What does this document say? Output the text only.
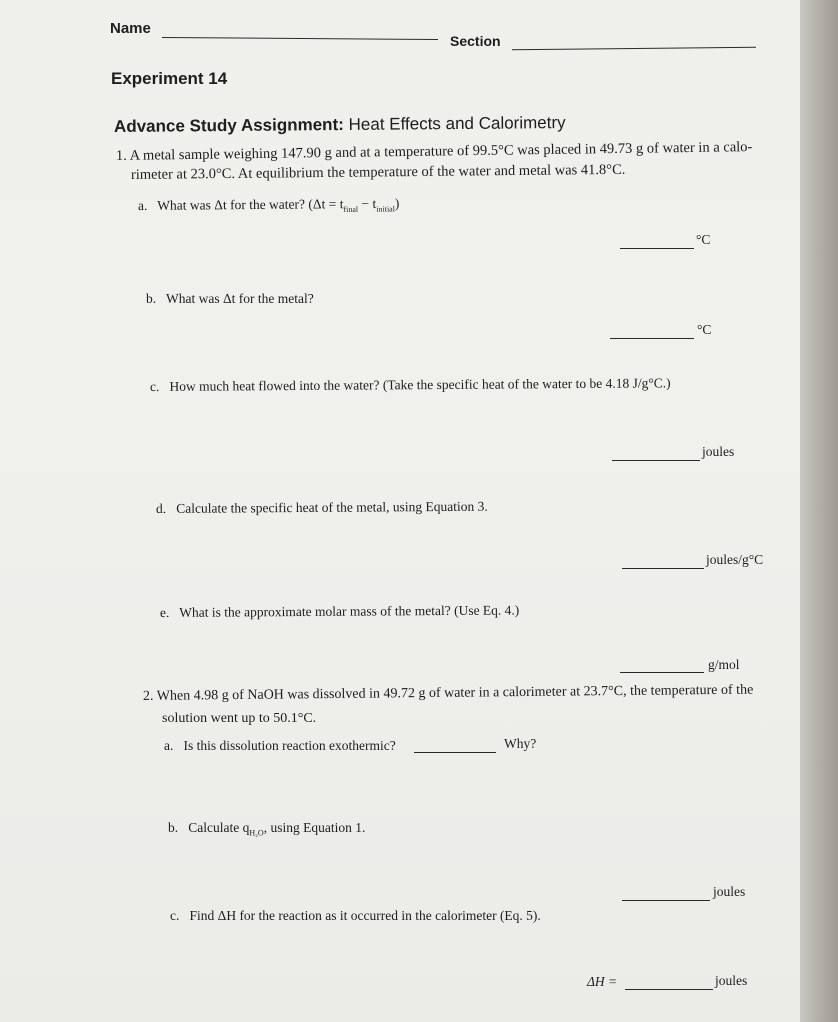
Name
Section
Experiment 14
Advance Study Assignment: Heat Effects and Calorimetry
1. A metal sample weighing 147.90 g and at a temperature of 99.5°C was placed in 49.73 g of water in a calo-
rimeter at 23.0°C. At equilibrium the temperature of the water and metal was 41.8°C.
a. What was Δt for the water? $(\Delta t = t_{final} - t_{initial})$
°C
b. What was Δt for the metal?
°C
c. How much heat flowed into the water? (Take the specific heat of the water to be 4.18 J/g°C.)
joules
d. Calculate the specific heat of the metal, using Equation 3.
joules/g°C
e. What is the approximate molar mass of the metal? (Use Eq. 4.)
g/mol
2. When 4.98 g of NaOH was dissolved in 49.72 g of water in a calorimeter at 23.7°C, the temperature of the
solution went up to 50.1°C.
a. Is this dissolution reaction exothermic?	Why?
b. Calculate $q_{H_2O}$, using Equation 1.
joules
c. Find ΔH for the reaction as it occurred in the calorimeter (Eq. 5).
ΔH =	joules
